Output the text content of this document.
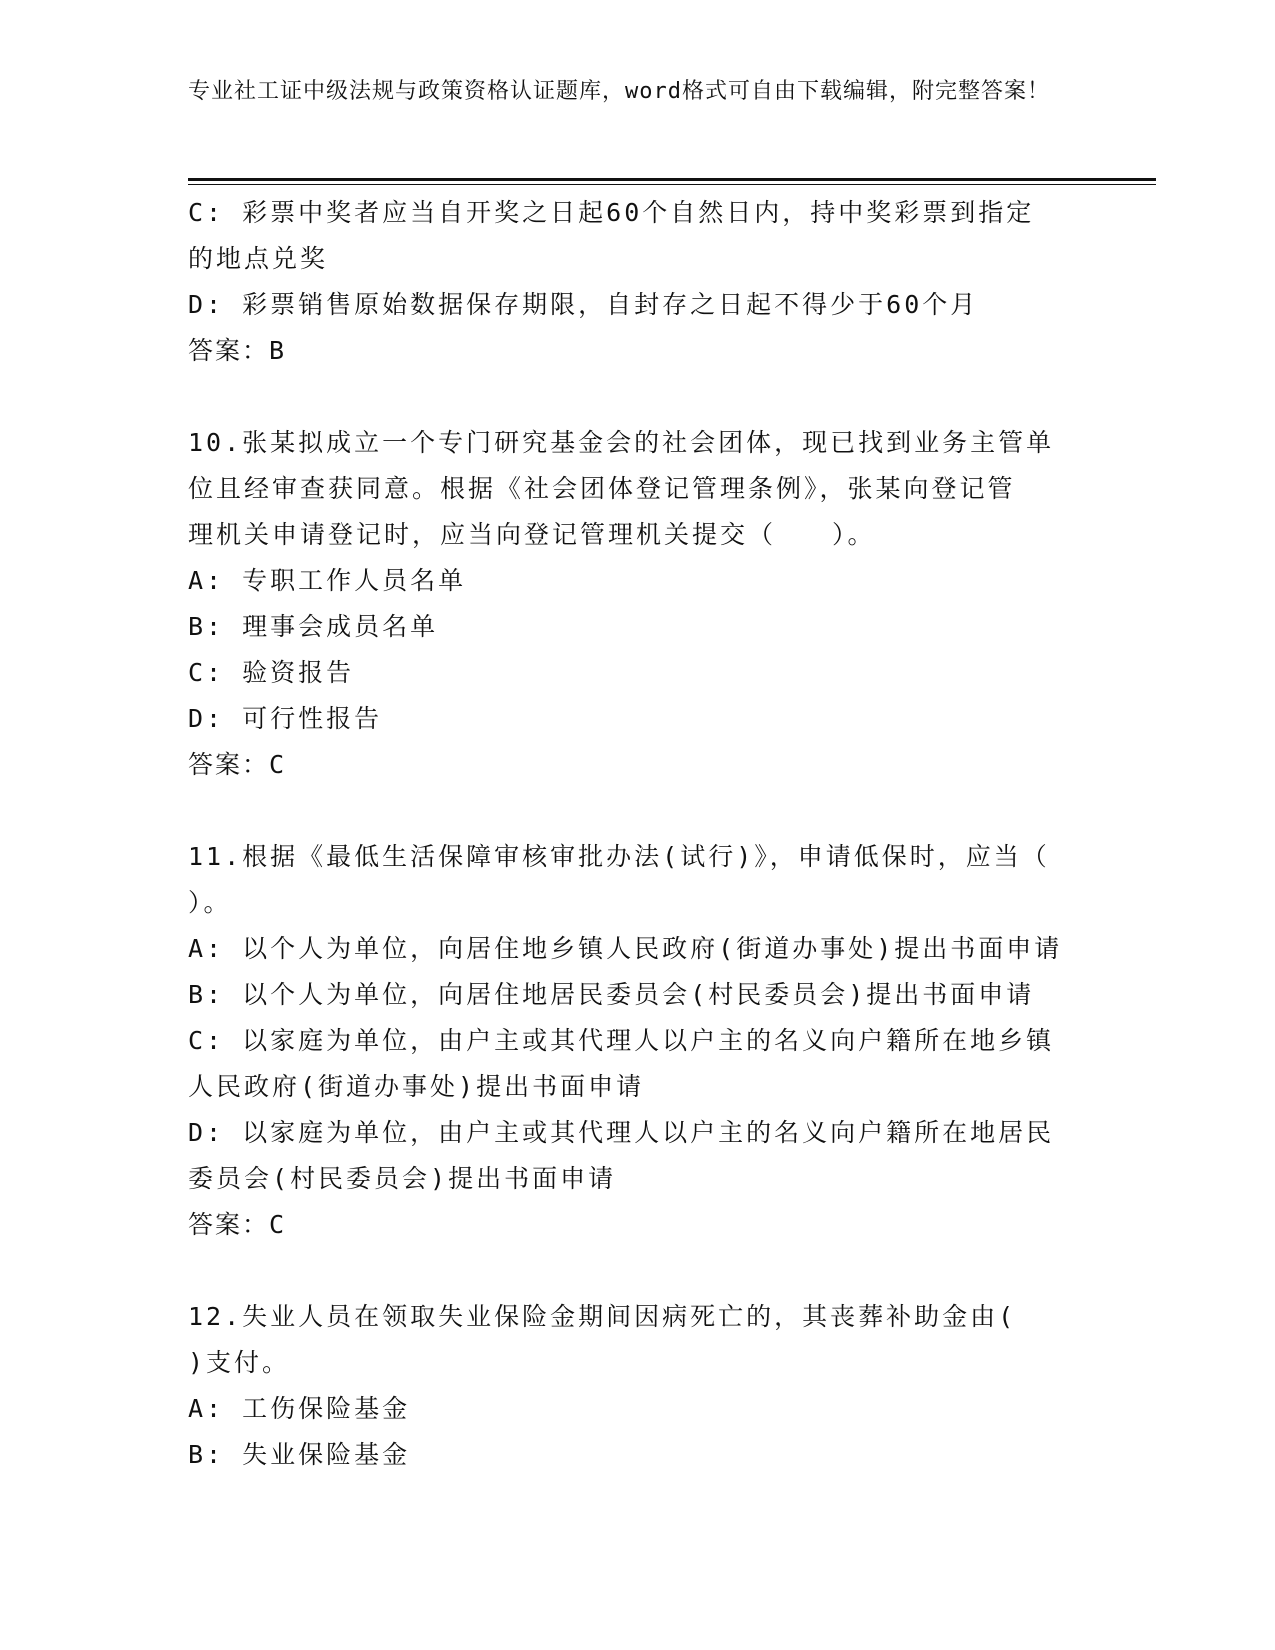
专业社工证中级法规与政策资格认证题库，word格式可自由下载编辑，附完整答案！
C: 彩票中奖者应当自开奖之日起60个自然日内，持中奖彩票到指定
的地点兑奖
D: 彩票销售原始数据保存期限，自封存之日起不得少于60个月
答案：B
10.张某拟成立一个专门研究基金会的社会团体，现已找到业务主管单
位且经审查获同意。根据《社会团体登记管理条例》，张某向登记管
理机关申请登记时，应当向登记管理机关提交（　　）。
A: 专职工作人员名单
B: 理事会成员名单
C: 验资报告
D: 可行性报告
答案：C
11.根据《最低生活保障审核审批办法(试行)》，申请低保时，应当（
）。
A: 以个人为单位，向居住地乡镇人民政府(街道办事处)提出书面申请
B: 以个人为单位，向居住地居民委员会(村民委员会)提出书面申请
C: 以家庭为单位，由户主或其代理人以户主的名义向户籍所在地乡镇
人民政府(街道办事处)提出书面申请
D: 以家庭为单位，由户主或其代理人以户主的名义向户籍所在地居民
委员会(村民委员会)提出书面申请
答案：C
12.失业人员在领取失业保险金期间因病死亡的，其丧葬补助金由(
)支付。
A: 工伤保险基金
B: 失业保险基金
